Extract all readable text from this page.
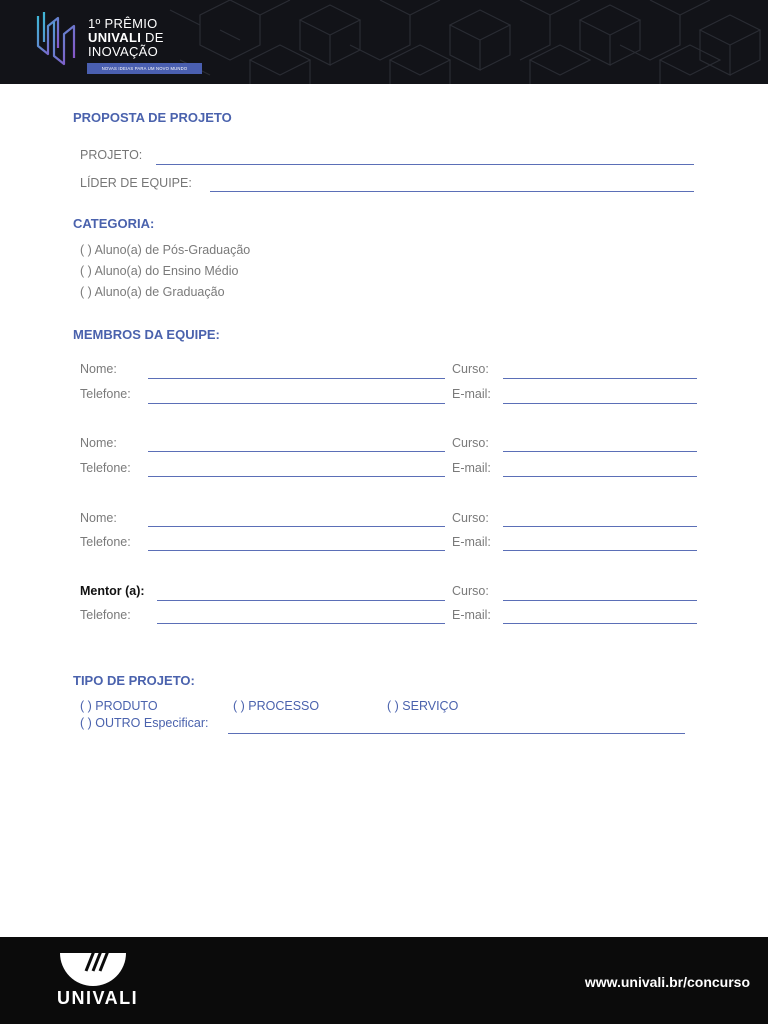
1º PRÊMIO
UNIVALI DE
INOVAÇÃO
NOVAS IDEIAS PARA UM NOVO MUNDO
PROPOSTA DE PROJETO
PROJETO:
LÍDER DE EQUIPE:
CATEGORIA:
( ) Aluno(a) de Pós-Graduação
( ) Aluno(a) do Ensino Médio
( ) Aluno(a) de Graduação
MEMBROS DA EQUIPE:
Nome:	Curso:
Telefone:	E-mail:
Nome:	Curso:
Telefone:	E-mail:
Nome:	Curso:
Telefone:	E-mail:
Mentor (a):	Curso:
Telefone:	E-mail:
TIPO DE PROJETO:
( ) PRODUTO	( ) PROCESSO	( ) SERVIÇO
( ) OUTRO Especificar:
UNIVALI
www.univali.br/concurso
